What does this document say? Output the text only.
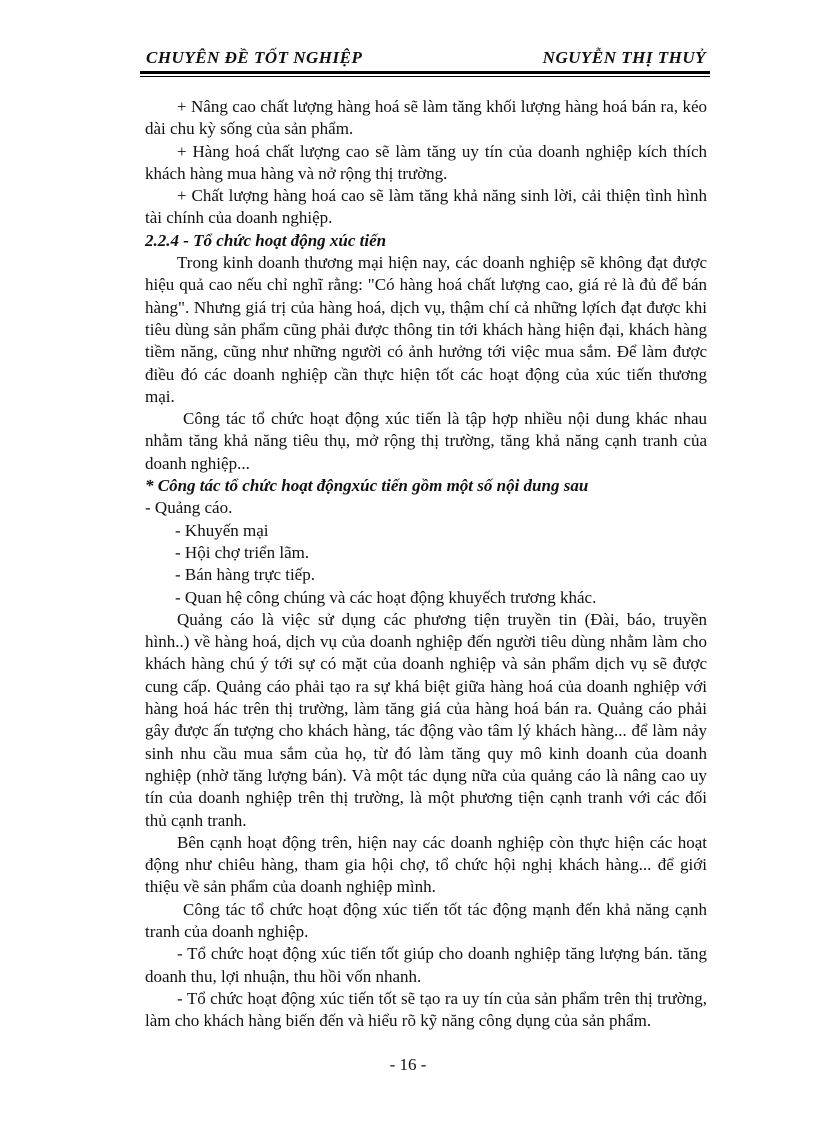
CHUYÊN ĐỀ TỐT NGHIỆP	NGUYỄN THỊ THUỶ

+ Nâng cao chất lượng hàng hoá sẽ làm tăng khối lượng hàng hoá bán ra, kéo dài chu kỳ sống của sản phẩm.

+ Hàng hoá chất lượng cao sẽ làm tăng uy tín của doanh nghiệp kích thích khách hàng mua hàng và nở rộng thị trường.

+ Chất lượng hàng hoá cao sẽ làm tăng khả năng sinh lời, cải thiện tình hình tài chính của doanh nghiệp.

2.2.4 - Tổ chức hoạt động xúc tiến

Trong kinh doanh thương mại hiện nay, các doanh nghiệp sẽ không đạt được hiệu quả cao nếu chỉ nghĩ rằng: "Có hàng hoá chất lượng cao, giá rẻ là đủ để bán hàng". Nhưng giá trị của hàng hoá, dịch vụ, thậm chí cả những lợích đạt được khi tiêu dùng sản phẩm cũng phải được thông tin tới khách hàng hiện đại, khách hàng tiềm năng, cũng như những người có ảnh hưởng tới việc mua sắm. Để làm được điều đó các doanh nghiệp cần thực hiện tốt các hoạt động của xúc tiến thương mại.

Công tác tổ chức hoạt động xúc tiến là tập hợp nhiều nội dung khác nhau nhằm tăng khả năng tiêu thụ, mở rộng thị trường, tăng khả năng cạnh tranh của doanh nghiệp...

* Công tác tổ chức hoạt độngxúc tiến gồm một số nội dung sau

- Quảng cáo.

- Khuyến mại

- Hội chợ triển lãm.

- Bán hàng trực tiếp.

- Quan hệ công chúng và các hoạt động khuyếch trương khác.

Quảng cáo là việc sử dụng các phương tiện truyền tin (Đài, báo, truyền hình..) về hàng hoá, dịch vụ của doanh nghiệp đến người tiêu dùng nhằm làm cho khách hàng chú ý tới sự có mặt của doanh nghiệp và sản phẩm dịch vụ sẽ được cung cấp. Quảng cáo phải tạo ra sự khá biệt giữa hàng hoá của doanh nghiệp với hàng hoá hác trên thị trường, làm tăng giá của hàng hoá bán ra. Quảng cáo phải gây được ấn tượng cho khách hàng, tác động vào tâm lý khách hàng... để làm nảy sinh nhu cầu mua sắm của họ, từ đó làm tăng quy mô kinh doanh của doanh nghiệp (nhờ tăng lượng bán). Và một tác dụng nữa của quảng cáo là nâng cao uy tín của doanh nghiệp trên thị trường, là một phương tiện cạnh tranh với các đối thủ cạnh tranh.

Bên cạnh hoạt động trên, hiện nay các doanh nghiệp còn thực hiện các hoạt động như chiêu hàng, tham gia hội chợ, tổ chức hội nghị khách hàng... để giới thiệu về sản phẩm của doanh nghiệp mình.

Công tác tổ chức hoạt động xúc tiến tốt tác động mạnh đến khả năng cạnh tranh của doanh nghiệp.

- Tổ chức hoạt động xúc tiến tốt giúp cho doanh nghiệp tăng lượng bán. tăng doanh thu, lợi nhuận, thu hồi vốn nhanh.

- Tổ chức hoạt động xúc tiến tốt sẽ tạo ra uy tín của sản phẩm trên thị trường, làm cho khách hàng biến đến và hiểu rõ kỹ năng công dụng của sản phẩm.

- 16 -
